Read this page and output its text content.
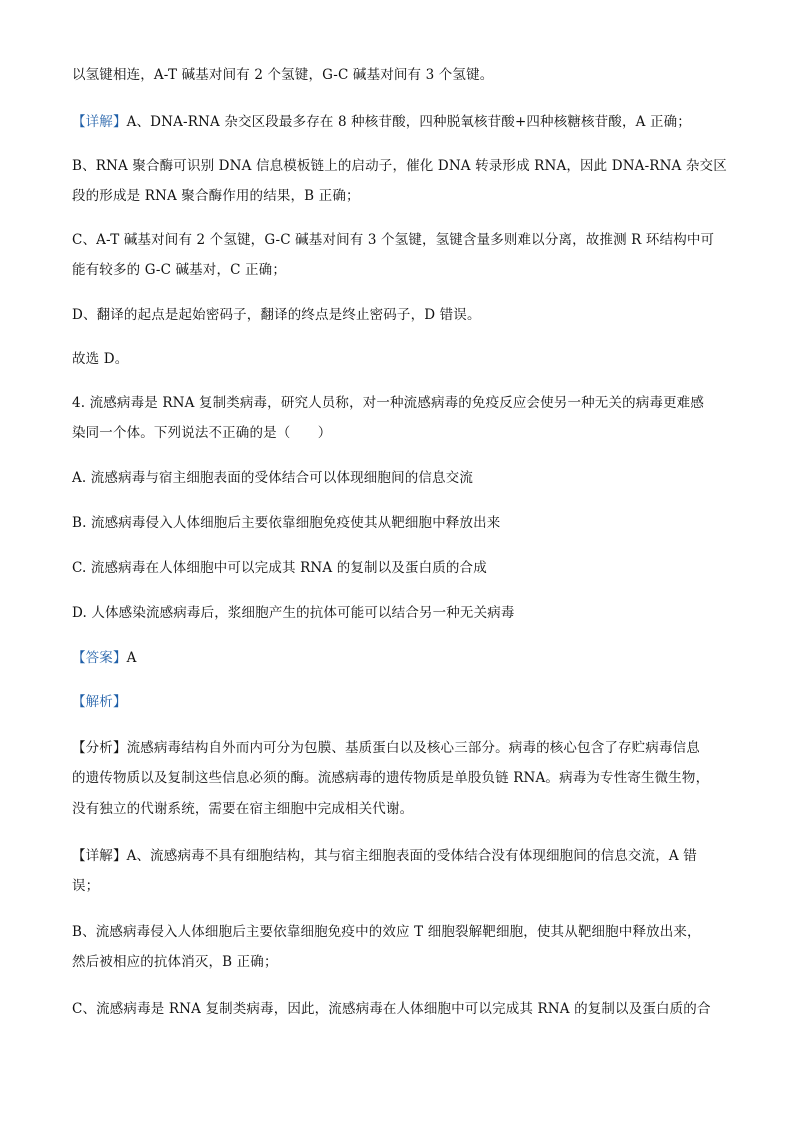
以氢键相连，A-T 碱基对间有 2 个氢键，G-C 碱基对间有 3 个氢键。
【详解】A、DNA-RNA 杂交区段最多存在 8 种核苷酸，四种脱氧核苷酸+四种核糖核苷酸，A 正确；
B、RNA 聚合酶可识别 DNA 信息模板链上的启动子，催化 DNA 转录形成 RNA，因此 DNA-RNA 杂交区
段的形成是 RNA 聚合酶作用的结果，B 正确；
C、A-T 碱基对间有 2 个氢键，G-C 碱基对间有 3 个氢键，氢键含量多则难以分离，故推测 R 环结构中可
能有较多的 G-C 碱基对，C 正确；
D、翻译的起点是起始密码子，翻译的终点是终止密码子，D 错误。
故选 D。
4. 流感病毒是 RNA 复制类病毒，研究人员称，对一种流感病毒的免疫反应会使另一种无关的病毒更难感
染同一个体。下列说法不正确的是（　　）
A. 流感病毒与宿主细胞表面的受体结合可以体现细胞间的信息交流
B. 流感病毒侵入人体细胞后主要依靠细胞免疫使其从靶细胞中释放出来
C. 流感病毒在人体细胞中可以完成其 RNA 的复制以及蛋白质的合成
D. 人体感染流感病毒后，浆细胞产生的抗体可能可以结合另一种无关病毒
【答案】A
【解析】
【分析】流感病毒结构自外而内可分为包膜、基质蛋白以及核心三部分。病毒的核心包含了存贮病毒信息
的遗传物质以及复制这些信息必须的酶。流感病毒的遗传物质是单股负链 RNA。病毒为专性寄生微生物，
没有独立的代谢系统，需要在宿主细胞中完成相关代谢。
【详解】A、流感病毒不具有细胞结构，其与宿主细胞表面的受体结合没有体现细胞间的信息交流，A 错
误；
B、流感病毒侵入人体细胞后主要依靠细胞免疫中的效应 T 细胞裂解靶细胞，使其从靶细胞中释放出来，
然后被相应的抗体消灭，B 正确；
C、流感病毒是 RNA 复制类病毒，因此，流感病毒在人体细胞中可以完成其 RNA 的复制以及蛋白质的合
